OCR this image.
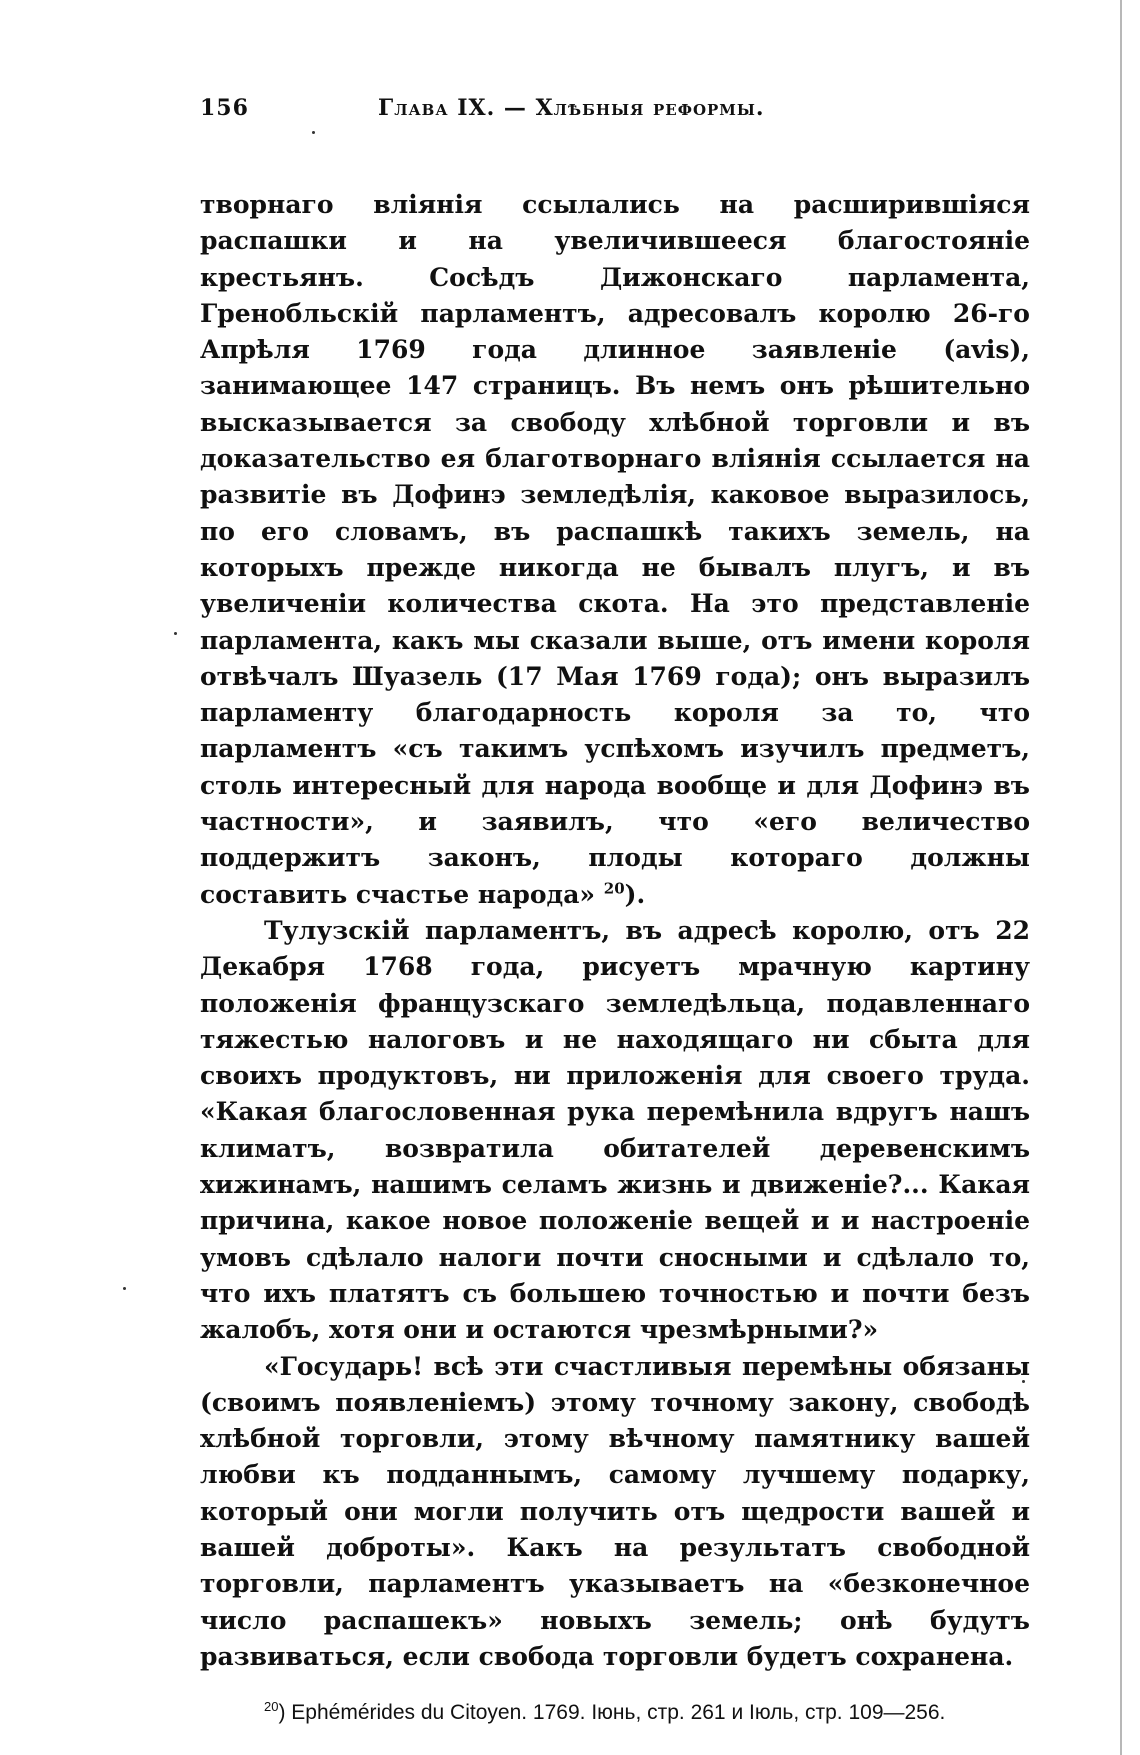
156	Глава IX. — Хлѣбныя реформы.

творнаго вліянія ссылались на расширившіяся распашки и на увеличившееся благостояніе крестьянъ. Сосѣдъ Дижонскаго парламента, Гренобльскій парламентъ, адресовалъ королю 26-го Апрѣля 1769 года длинное заявленіе (avis), занимающее 147 страницъ. Въ немъ онъ рѣшительно высказывается за свободу хлѣбной торговли и въ доказательство ея благотворнаго вліянія ссылается на развитіе въ Дофинэ земледѣлія, каковое выразилось, по его словамъ, въ распашкѣ такихъ земель, на которыхъ прежде никогда не бывалъ плугъ, и въ увеличеніи количества скота. На это представленіе парламента, какъ мы сказали выше, отъ имени короля отвѣчалъ Шуазель (17 Мая 1769 года); онъ выразилъ парламенту благодарность короля за то, что парламентъ «съ такимъ успѣхомъ изучилъ предметъ, столь интересный для народа вообще и для Дофинэ въ частности», и заявилъ, что «его величество поддержитъ законъ, плоды котораго должны составить счастье народа» $^{20}$).

Тулузскій парламентъ, въ адресѣ королю, отъ 22 Декабря 1768 года, рисуетъ мрачную картину положенія французскаго земледѣльца, подавленнаго тяжестью налоговъ и не находящаго ни сбыта для своихъ продуктовъ, ни приложенія для своего труда. «Какая благословенная рука перемѣнила вдругъ нашъ климатъ, возвратила обитателей деревенскимъ хижинамъ, нашимъ селамъ жизнь и движеніе?... Какая причина, какое новое положеніе вещей и и настроеніе умовъ сдѣлало налоги почти сносными и сдѣлало то, что ихъ платятъ съ большею точностью и почти безъ жалобъ, хотя они и остаются чрезмѣрными?»

«Государь! всѣ эти счастливыя перемѣны обязаны (своимъ появленіемъ) этому точному закону, свободѣ хлѣбной торговли, этому вѣчному памятнику вашей любви къ подданнымъ, самому лучшему подарку, который они могли получить отъ щедрости вашей и вашей доброты». Какъ на результатъ свободной торговли, парламентъ указываетъ на «безконечное число распашекъ» новыхъ земель; онѣ будутъ развиваться, если свобода торговли будетъ сохранена.

$^{20}$) Ephémérides du Citoyen. 1769. Іюнь, стр. 261 и Іюль, стр. 109—256.
